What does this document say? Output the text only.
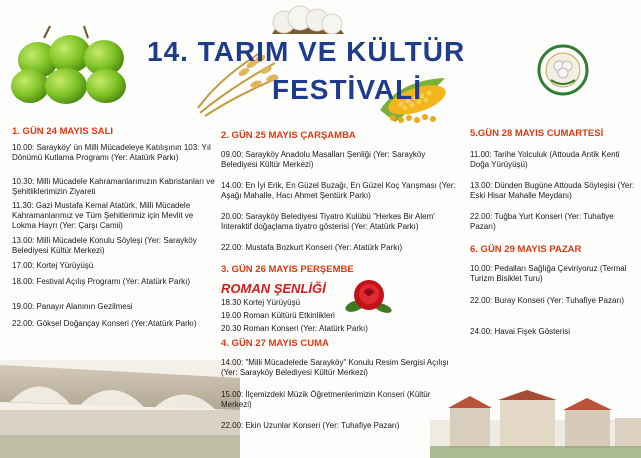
14. TARIM VE KÜLTÜR
FESTİVALİ
1. GÜN 24 MAYIS SALI
10.00: Sarayköy' ün Milli Mücadeleye Katılışının 103. Yıl Dönümü Kutlama Programı (Yer: Atatürk Parkı)
10.30: Milli Mücadele Kahramanlarımızın Kabristanları ve Şehitliklerimizin Ziyareti
11.30: Gazi Mustafa Kemal Atatürk, Milli Mücadele Kahramanlarımız ve Tüm Şehitlerimiz için Mevlit ve Lokma Hayrı (Yer: Çarşı Camii)
13.00: Milli Mücadele Konulu Söyleşi (Yer: Sarayköy Belediyesi Kültür Merkezi)
17.00: Kortej Yürüyüşü
18.00: Festival Açılış Programı (Yer: Atatürk Parkı)
19.00: Panayır Alanının Gezilmesi
22.00: Göksel Doğançay Konseri (Yer:Atatürk Parkı)
2. GÜN 25 MAYIS ÇARŞAMBA
09.00: Sarayköy Anadolu Masalları Şenliği (Yer: Sarayköy Belediyesi Kültür Merkezi)
14.00: En İyi Erik, En Güzel Buzağı, En Güzel Koç Yarışması (Yer: Aşağı Mahalle, Hacı Ahmet Şentürk Parkı)
20.00: Sarayköy Belediyesi Tiyatro Kulübü "Herkes Bir Alem' İnteraktif doğaçlama tiyatro gösterisi (Yer: Atatürk Parkı)
22.00: Mustafa Bozkurt Konseri (Yer: Atatürk Parkı)
3. GÜN 26 MAYIS PERŞEMBE
ROMAN ŞENLİĞİ
18.30 Kortej Yürüyüşü
19.00 Roman Kültürü Etkinlikleri
20.30 Roman Konseri (Yer: Atatürk Parkı)
4. GÜN 27 MAYIS CUMA
14.00: "Milli Mücadelede Sarayköy" Konulu Resim Sergisi Açılışı (Yer: Sarayköy Belediyesi Kültür Merkezi)
15.00: İlçemizdeki Müzik Öğretmenlerimizin Konseri (Kültür Merkezi)
22.00: Ekin Uzunlar Konseri (Yer: Tuhafiye Pazarı)
5.GÜN 28 MAYIS CUMARTESİ
11.00: Tarihe Yolculuk (Attouda Antik Kenti Doğa Yürüyüşü)
13.00: Dünden Bugüne Attouda Söyleşisi (Yer: Eski Hisar Mahalle Meydanı)
22.00: Tuğba Yurt Konseri (Yer: Tuhafiye Pazarı)
6. GÜN 29 MAYIS PAZAR
10.00: Pedalları Sağlığa Çeviriyoruz (Termal Turizm Bisiklet Turu)
22.00: Buray Konseri (Yer: Tuhafiye Pazarı)
24.00: Havai Fişek Gösterisi
